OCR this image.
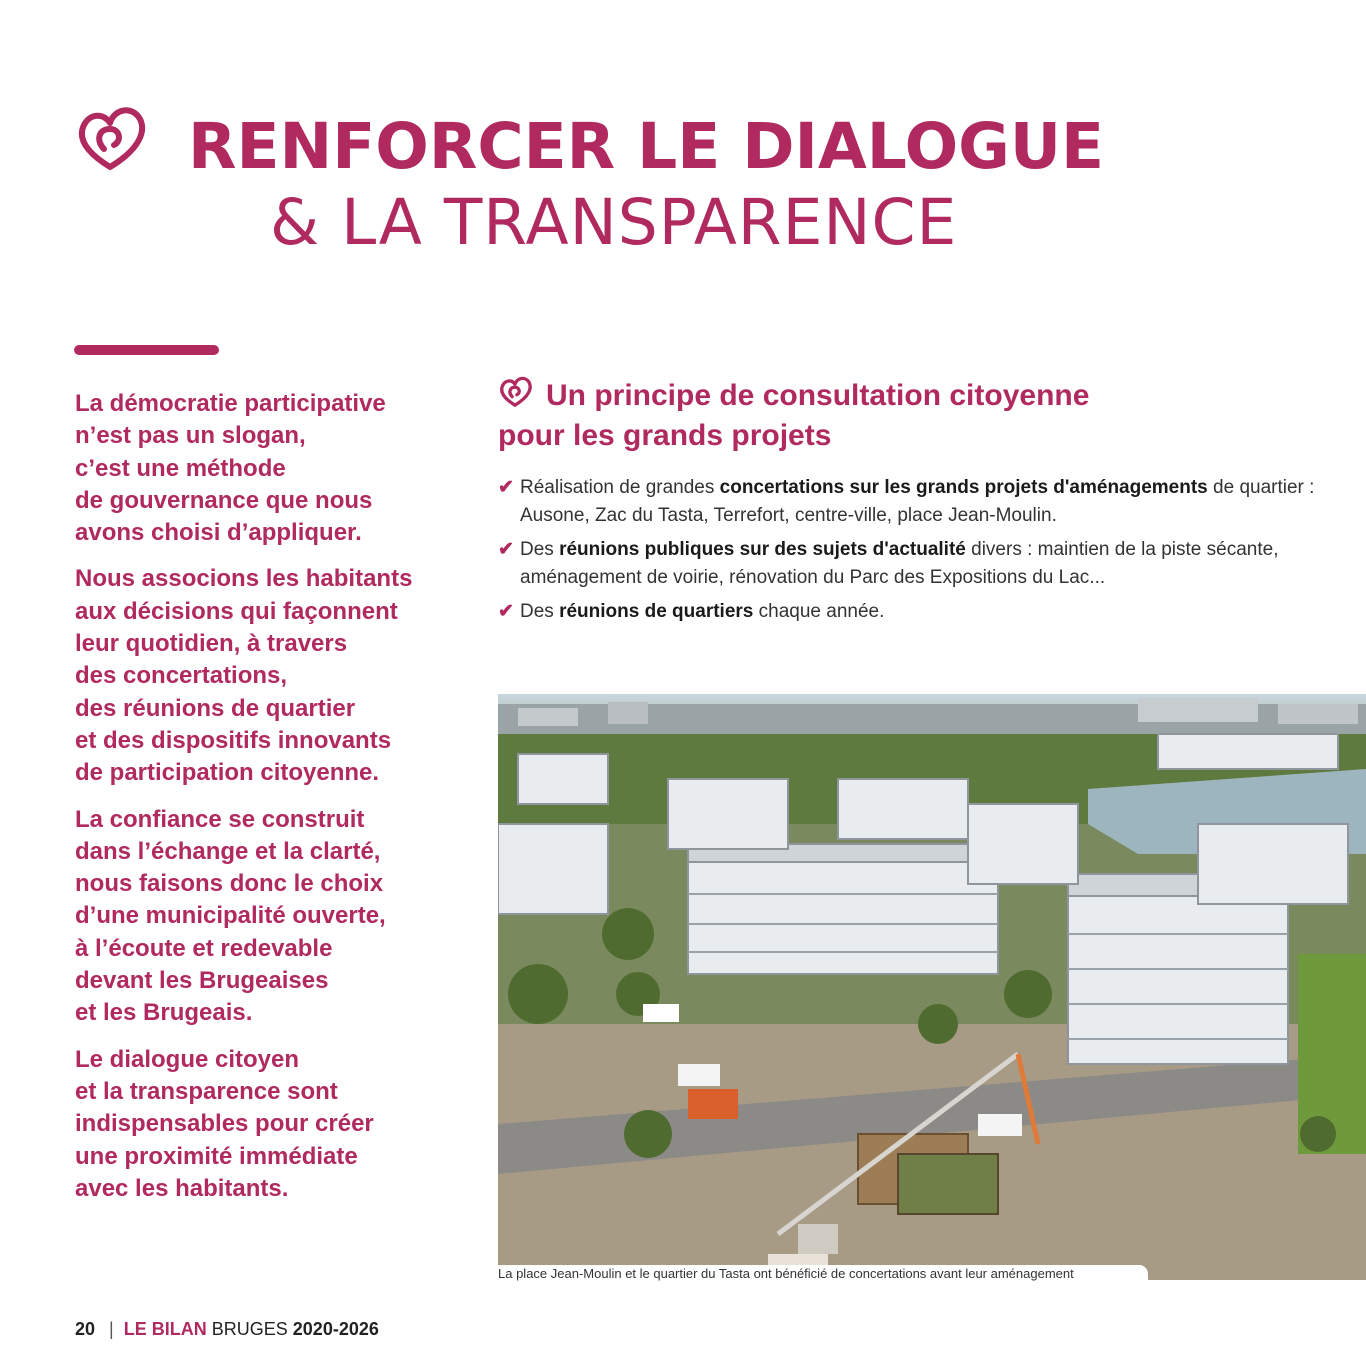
RENFORCER LE DIALOGUE
& LA TRANSPARENCE

La démocratie participative
n’est pas un slogan,
c’est une méthode
de gouvernance que nous
avons choisi d’appliquer.

Nous associons les habitants
aux décisions qui façonnent
leur quotidien, à travers
des concertations,
des réunions de quartier
et des dispositifs innovants
de participation citoyenne.

La confiance se construit
dans l’échange et la clarté,
nous faisons donc le choix
d’une municipalité ouverte,
à l’écoute et redevable
devant les Brugeaises
et les Brugeais.

Le dialogue citoyen
et la transparence sont
indispensables pour créer
une proximité immédiate
avec les habitants.

Un principe de consultation citoyenne
pour les grands projets
✔ Réalisation de grandes concertations sur les grands projets d'aménagements de quartier : Ausone, Zac du Tasta, Terrefort, centre-ville, place Jean-Moulin.
✔ Des réunions publiques sur des sujets d'actualité divers : maintien de la piste sécante, aménagement de voirie, rénovation du Parc des Expositions du Lac...
✔ Des réunions de quartiers chaque année.
La place Jean-Moulin et le quartier du Tasta ont bénéficié de concertations avant leur aménagement
20 | LE BILAN BRUGES 2020-2026
